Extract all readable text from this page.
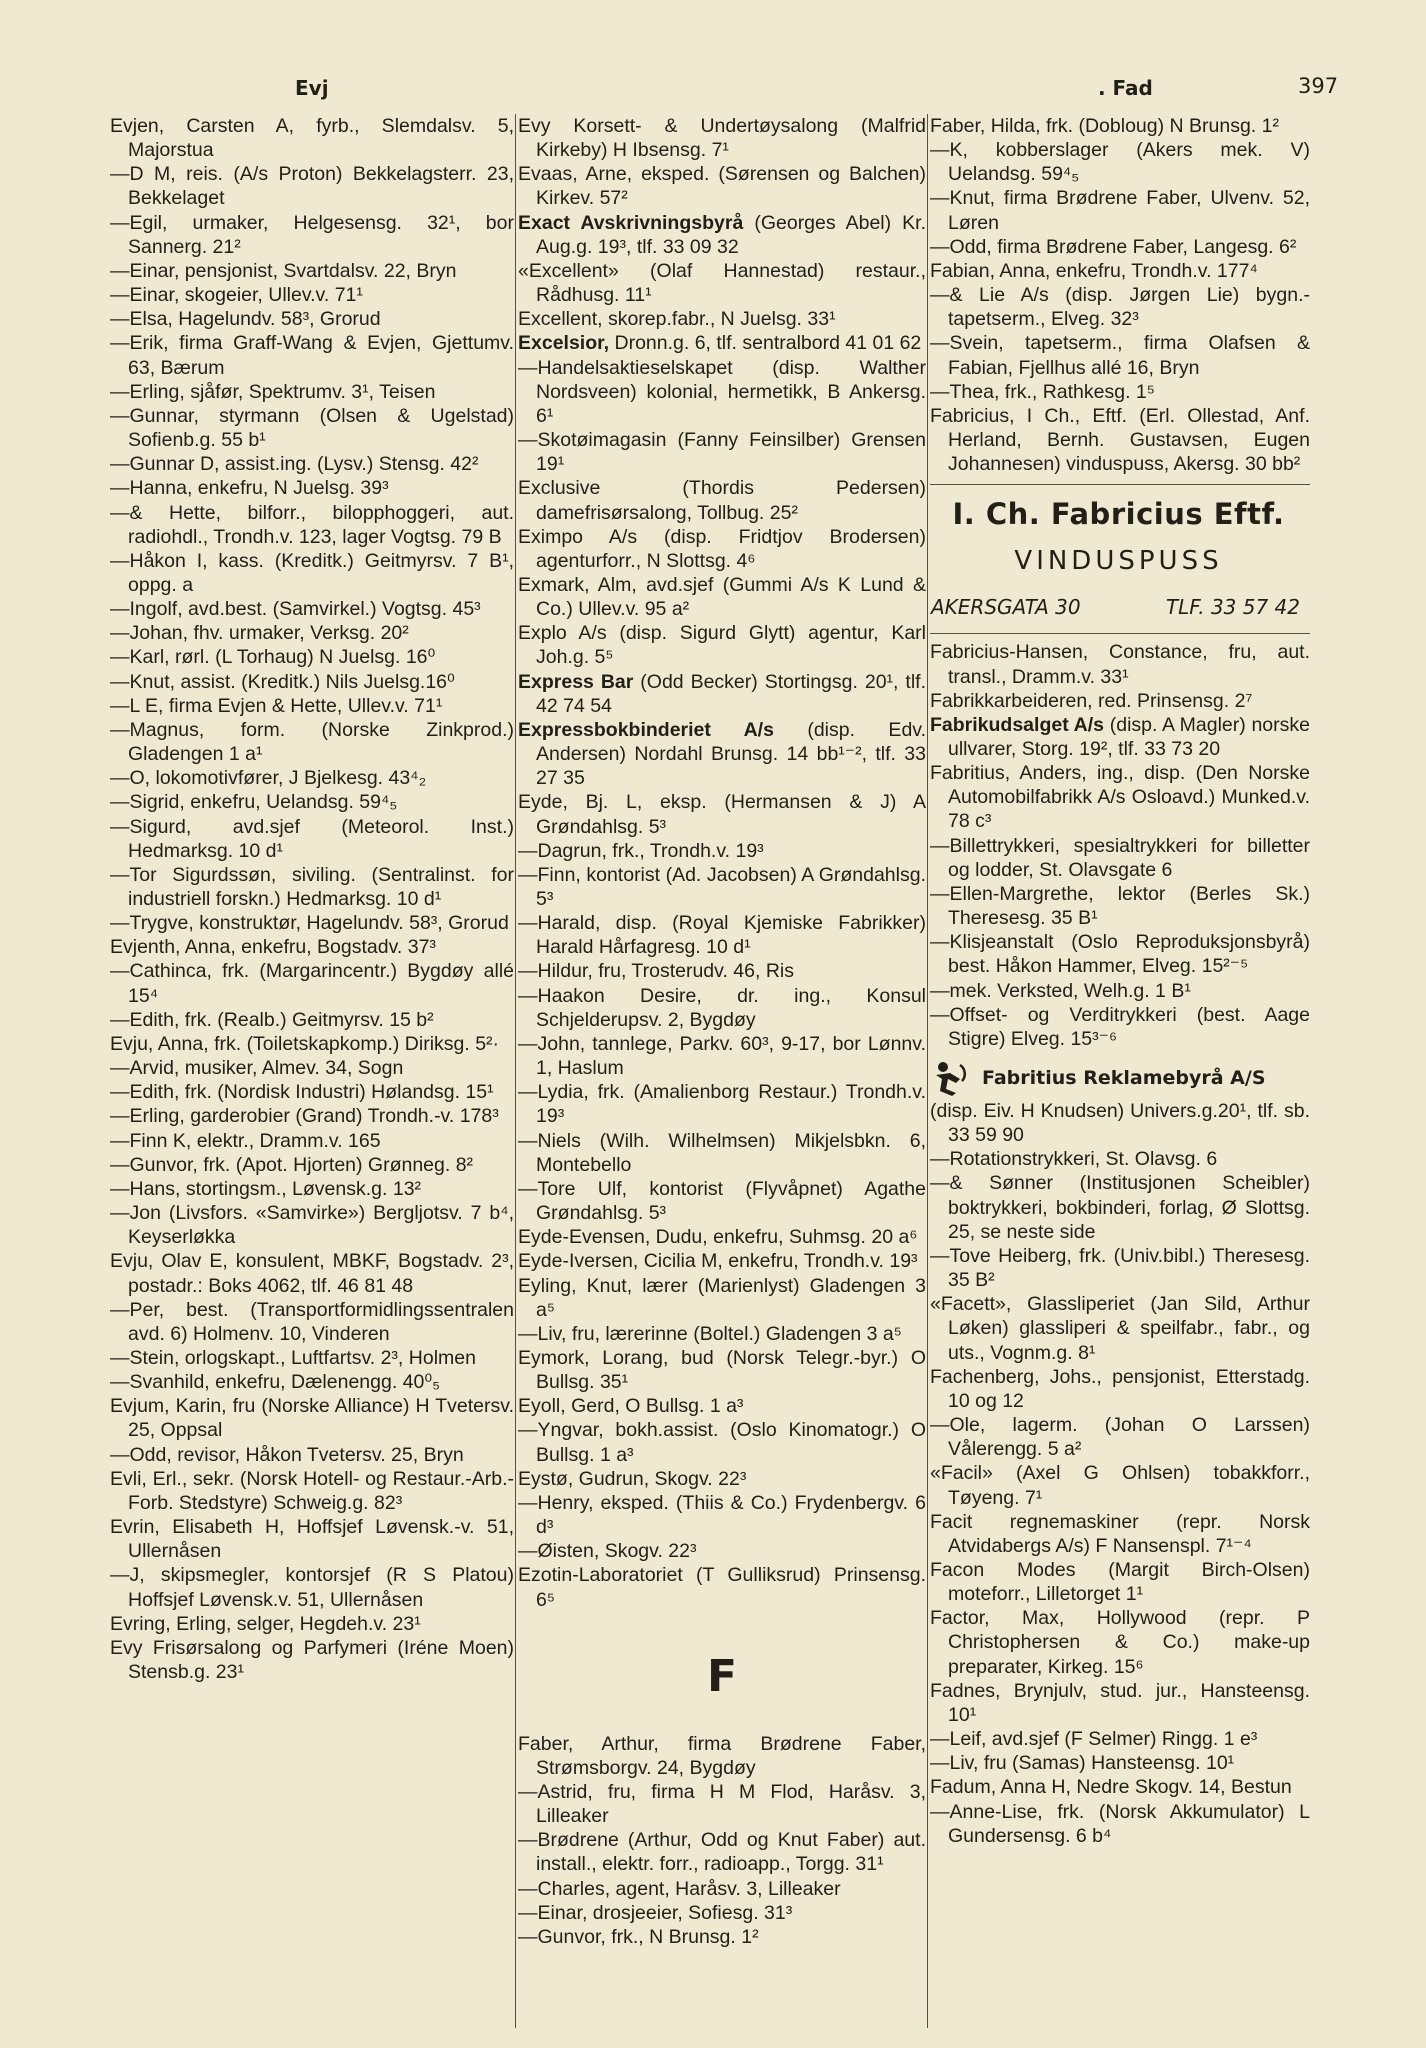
Evj	. Fad	397
Evjen, Carsten A, fyrb., Slemdalsv. 5, Majorstua
—D M, reis. (A/s Proton) Bekkelagsterr. 23, Bekkelaget
—Egil, urmaker, Helgesensg. 32¹, bor Sannerg. 21²
—Einar, pensjonist, Svartdalsv. 22, Bryn
—Einar, skogeier, Ullev.v. 71¹
—Elsa, Hagelundv. 58³, Grorud
—Erik, firma Graff-Wang & Evjen, Gjettumv. 63, Bærum
—Erling, sjåfør, Spektrumv. 3¹, Teisen
—Gunnar, styrmann (Olsen & Ugelstad) Sofienb.g. 55 b¹
—Gunnar D, assist.ing. (Lysv.) Stensg. 42²
—Hanna, enkefru, N Juelsg. 39³
—& Hette, bilforr., bilopphoggeri, aut. radiohdl., Trondh.v. 123, lager Vogtsg. 79 B
—Håkon I, kass. (Kreditk.) Geitmyrsv. 7 B¹, oppg. a
—Ingolf, avd.best. (Samvirkel.) Vogtsg. 45³
—Johan, fhv. urmaker, Verksg. 20²
—Karl, rørl. (L Torhaug) N Juelsg. 16⁰
—Knut, assist. (Kreditk.) Nils Juelsg.16⁰
—L E, firma Evjen & Hette, Ullev.v. 71¹
—Magnus, form. (Norske Zinkprod.) Gladengen 1 a¹
—O, lokomotivfører, J Bjelkesg. 43⁴₂
—Sigrid, enkefru, Uelandsg. 59⁴₅
—Sigurd, avd.sjef (Meteorol. Inst.) Hedmarksg. 10 d¹
—Tor Sigurdssøn, siviling. (Sentralinst. for industriell forskn.) Hedmarksg. 10 d¹
—Trygve, konstruktør, Hagelundv. 58³, Grorud
Evjenth, Anna, enkefru, Bogstadv. 37³
—Cathinca, frk. (Margarincentr.) Bygdøy allé 15⁴
—Edith, frk. (Realb.) Geitmyrsv. 15 b²
Evju, Anna, frk. (Toiletskapkomp.) Diriksg. 5²·
—Arvid, musiker, Almev. 34, Sogn
—Edith, frk. (Nordisk Industri) Hølandsg. 15¹
—Erling, garderobier (Grand) Trondh.-v. 178³
—Finn K, elektr., Dramm.v. 165
—Gunvor, frk. (Apot. Hjorten) Grønneg. 8²
—Hans, stortingsm., Løvensk.g. 13²
—Jon (Livsfors. «Samvirke») Bergljotsv. 7 b⁴, Keyserløkka
Evju, Olav E, konsulent, MBKF, Bogstadv. 2³, postadr.: Boks 4062, tlf. 46 81 48
—Per, best. (Transportformidlingssentralen avd. 6) Holmenv. 10, Vinderen
—Stein, orlogskapt., Luftfartsv. 2³, Holmen
—Svanhild, enkefru, Dælenengg. 40⁰₅
Evjum, Karin, fru (Norske Alliance) H Tvetersv. 25, Oppsal
—Odd, revisor, Håkon Tvetersv. 25, Bryn
Evli, Erl., sekr. (Norsk Hotell- og Restaur.-Arb.-Forb. Stedstyre) Schweig.g. 82³
Evrin, Elisabeth H, Hoffsjef Løvensk.-v. 51, Ullernåsen
—J, skipsmegler, kontorsjef (R S Platou) Hoffsjef Løvensk.v. 51, Ullernåsen
Evring, Erling, selger, Hegdeh.v. 23¹
Evy Frisørsalong og Parfymeri (Iréne Moen) Stensb.g. 23¹
Evy Korsett- & Undertøysalong (Malfrid Kirkeby) H Ibsensg. 7¹
Evaas, Arne, eksped. (Sørensen og Balchen) Kirkev. 57²
Exact Avskrivningsbyrå (Georges Abel) Kr. Aug.g. 19³, tlf. 33 09 32
«Excellent» (Olaf Hannestad) restaur., Rådhusg. 11¹
Excellent, skorep.fabr., N Juelsg. 33¹
Excelsior, Dronn.g. 6, tlf. sentralbord 41 01 62
—Handelsaktieselskapet (disp. Walther Nordsveen) kolonial, hermetikk, B Ankersg. 6¹
—Skotøimagasin (Fanny Feinsilber) Grensen 19¹
Exclusive (Thordis Pedersen) damefrisørsalong, Tollbug. 25²
Eximpo A/s (disp. Fridtjov Brodersen) agenturforr., N Slottsg. 4⁶
Exmark, Alm, avd.sjef (Gummi A/s K Lund & Co.) Ullev.v. 95 a²
Explo A/s (disp. Sigurd Glytt) agentur, Karl Joh.g. 5⁵
Express Bar (Odd Becker) Stortingsg. 20¹, tlf. 42 74 54
Expressbokbinderiet A/s (disp. Edv. Andersen) Nordahl Brunsg. 14 bb¹⁻², tlf. 33 27 35
Eyde, Bj. L, eksp. (Hermansen & J) A Grøndahlsg. 5³
—Dagrun, frk., Trondh.v. 19³
—Finn, kontorist (Ad. Jacobsen) A Grøndahlsg. 5³
—Harald, disp. (Royal Kjemiske Fabrikker) Harald Hårfagresg. 10 d¹
—Hildur, fru, Trosterudv. 46, Ris
—Haakon Desire, dr. ing., Konsul Schjelderupsv. 2, Bygdøy
—John, tannlege, Parkv. 60³, 9-17, bor Lønnv. 1, Haslum
—Lydia, frk. (Amalienborg Restaur.) Trondh.v. 19³
—Niels (Wilh. Wilhelmsen) Mikjelsbkn. 6, Montebello
—Tore Ulf, kontorist (Flyvåpnet) Agathe Grøndahlsg. 5³
Eyde-Evensen, Dudu, enkefru, Suhmsg. 20 a⁶
Eyde-Iversen, Cicilia M, enkefru, Trondh.v. 19³
Eyling, Knut, lærer (Marienlyst) Gladengen 3 a⁵
—Liv, fru, lærerinne (Boltel.) Gladengen 3 a⁵
Eymork, Lorang, bud (Norsk Telegr.-byr.) O Bullsg. 35¹
Eyoll, Gerd, O Bullsg. 1 a³
—Yngvar, bokh.assist. (Oslo Kinomatogr.) O Bullsg. 1 a³
Eystø, Gudrun, Skogv. 22³
—Henry, eksped. (Thiis & Co.) Frydenbergv. 6 d³
—Øisten, Skogv. 22³
Ezotin-Laboratoriet (T Gulliksrud) Prinsensg. 6⁵
F
Faber, Arthur, firma Brødrene Faber, Strømsborgv. 24, Bygdøy
—Astrid, fru, firma H M Flod, Haråsv. 3, Lilleaker
—Brødrene (Arthur, Odd og Knut Faber) aut. install., elektr. forr., radioapp., Torgg. 31¹
—Charles, agent, Haråsv. 3, Lilleaker
—Einar, drosjeeier, Sofiesg. 31³
—Gunvor, frk., N Brunsg. 1²
Faber, Hilda, frk. (Dobloug) N Brunsg. 1²
—K, kobberslager (Akers mek. V) Uelandsg. 59⁴₅
—Knut, firma Brødrene Faber, Ulvenv. 52, Løren
—Odd, firma Brødrene Faber, Langesg. 6²
Fabian, Anna, enkefru, Trondh.v. 177⁴
—& Lie A/s (disp. Jørgen Lie) bygn.-tapetserm., Elveg. 32³
—Svein, tapetserm., firma Olafsen & Fabian, Fjellhus allé 16, Bryn
—Thea, frk., Rathkesg. 1⁵
Fabricius, I Ch., Eftf. (Erl. Ollestad, Anf. Herland, Bernh. Gustavsen, Eugen Johannesen) vinduspuss, Akersg. 30 bb²
I. Ch. Fabricius Eftf.
VINDUSPUSS
AKERSGATA 30	TLF. 33 57 42
Fabricius-Hansen, Constance, fru, aut. transl., Dramm.v. 33¹
Fabrikkarbeideren, red. Prinsensg. 2⁷
Fabrikudsalget A/s (disp. A Magler) norske ullvarer, Storg. 19², tlf. 33 73 20
Fabritius, Anders, ing., disp. (Den Norske Automobilfabrikk A/s Osloavd.) Munked.v. 78 c³
—Billettrykkeri, spesialtrykkeri for billetter og lodder, St. Olavsgate 6
—Ellen-Margrethe, lektor (Berles Sk.) Theresesg. 35 B¹
—Klisjeanstalt (Oslo Reproduksjonsbyrå) best. Håkon Hammer, Elveg. 15²⁻⁵
—mek. Verksted, Welh.g. 1 B¹
—Offset- og Verditrykkeri (best. Aage Stigre) Elveg. 15³⁻⁶
Fabritius Reklamebyrå A/S
(disp. Eiv. H Knudsen) Univers.g.20¹, tlf. sb. 33 59 90
—Rotationstrykkeri, St. Olavsg. 6
—& Sønner (Institusjonen Scheibler) boktrykkeri, bokbinderi, forlag, Ø Slottsg. 25, se neste side
—Tove Heiberg, frk. (Univ.bibl.) Theresesg. 35 B²
«Facett», Glassliperiet (Jan Sild, Arthur Løken) glassliperi & speilfabr., fabr., og uts., Vognm.g. 8¹
Fachenberg, Johs., pensjonist, Etterstadg. 10 og 12
—Ole, lagerm. (Johan O Larssen) Vålerengg. 5 a²
«Facil» (Axel G Ohlsen) tobakkforr., Tøyeng. 7¹
Facit regnemaskiner (repr. Norsk Atvidabergs A/s) F Nansenspl. 7¹⁻⁴
Facon Modes (Margit Birch-Olsen) moteforr., Lilletorget 1¹
Factor, Max, Hollywood (repr. P Christophersen & Co.) make-up preparater, Kirkeg. 15⁶
Fadnes, Brynjulv, stud. jur., Hansteensg. 10¹
—Leif, avd.sjef (F Selmer) Ringg. 1 e³
—Liv, fru (Samas) Hansteensg. 10¹
Fadum, Anna H, Nedre Skogv. 14, Bestun
—Anne-Lise, frk. (Norsk Akkumulator) L Gundersensg. 6 b⁴
